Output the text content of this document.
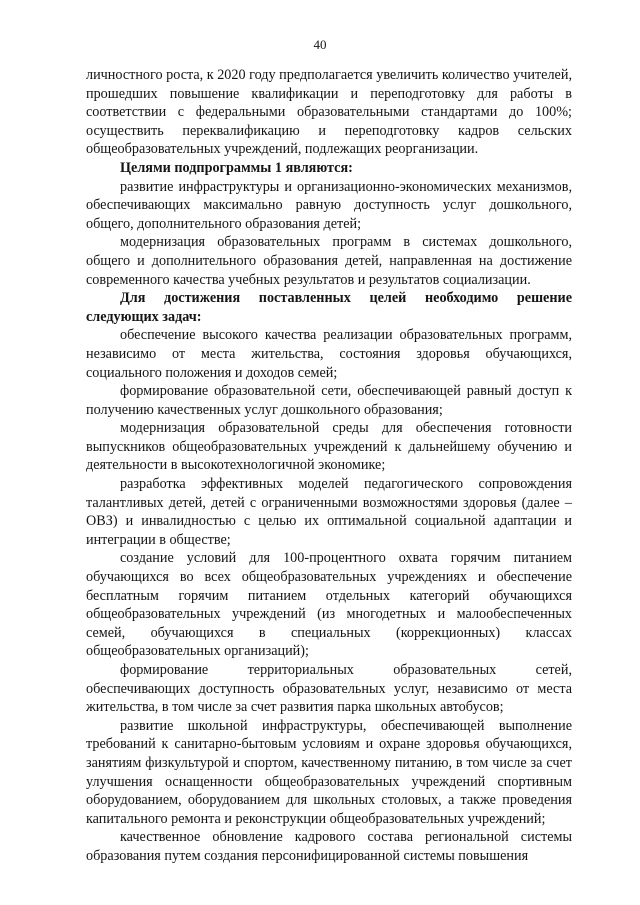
40

личностного роста, к 2020 году предполагается увеличить количество учителей, прошедших повышение квалификации и переподготовку для работы в соответствии с федеральными образовательными стандартами до 100%; осуществить переквалификацию и переподготовку кадров сельских общеобразовательных учреждений, подлежащих реорганизации.

Целями подпрограммы 1 являются:

развитие инфраструктуры и организационно-экономических механизмов, обеспечивающих максимально равную доступность услуг дошкольного, общего, дополнительного образования детей;

модернизация образовательных программ в системах дошкольного, общего и дополнительного образования детей, направленная на достижение современного качества учебных результатов и результатов социализации.

Для достижения поставленных целей необходимо решение следующих задач:

обеспечение высокого качества реализации образовательных программ, независимо от места жительства, состояния здоровья обучающихся, социального положения и доходов семей;

формирование образовательной сети, обеспечивающей равный доступ к получению качественных услуг дошкольного образования;

модернизация образовательной среды для обеспечения готовности выпускников общеобразовательных учреждений к дальнейшему обучению и деятельности в высокотехнологичной экономике;

разработка эффективных моделей педагогического сопровождения талантливых детей, детей с ограниченными возможностями здоровья (далее – ОВЗ) и инвалидностью с целью их оптимальной социальной адаптации и интеграции в обществе;

создание условий для 100-процентного охвата горячим питанием обучающихся во всех общеобразовательных учреждениях и обеспечение бесплатным горячим питанием отдельных категорий обучающихся общеобразовательных учреждений (из многодетных и малообеспеченных семей, обучающихся в специальных (коррекционных) классах общеобразовательных организаций);

формирование территориальных образовательных сетей, обеспечивающих доступность образовательных услуг, независимо от места жительства, в том числе за счет развития парка школьных автобусов;

развитие школьной инфраструктуры, обеспечивающей выполнение требований к санитарно-бытовым условиям и охране здоровья обучающихся, занятиям физкультурой и спортом, качественному питанию, в том числе за счет улучшения оснащенности общеобразовательных учреждений спортивным оборудованием, оборудованием для школьных столовых, а также проведения капитального ремонта и реконструкции общеобразовательных учреждений;

качественное обновление кадрового состава региональной системы образования путем создания персонифицированной системы повышения
